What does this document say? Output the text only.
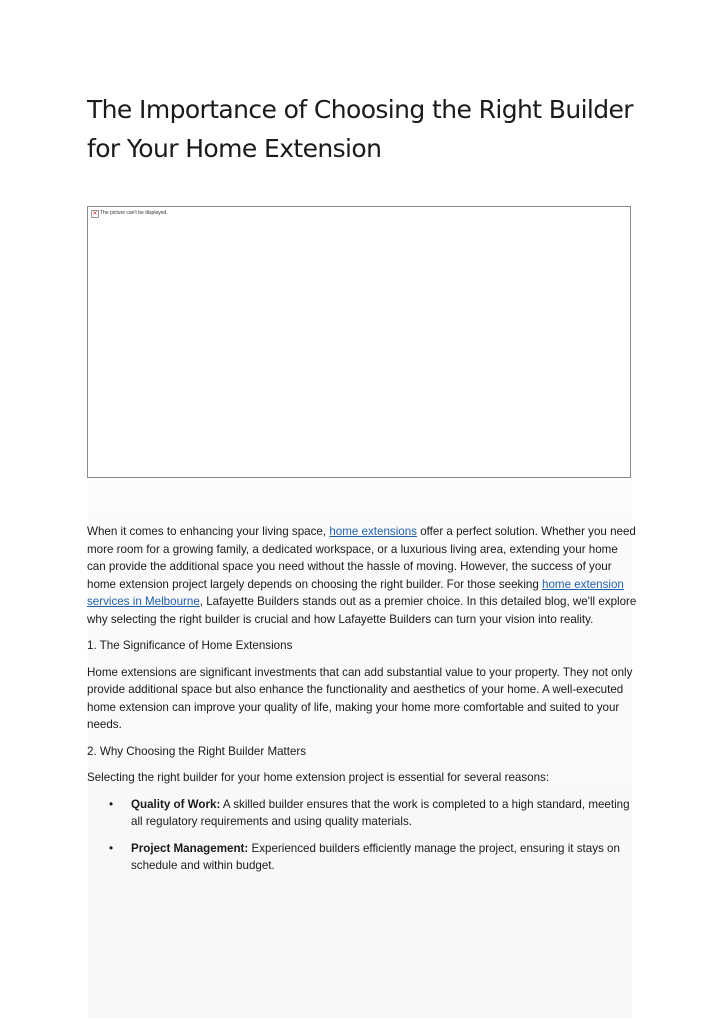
The Importance of Choosing the Right Builder for Your Home Extension
× The picture can't be displayed.

When it comes to enhancing your living space, home extensions offer a perfect solution. Whether you need more room for a growing family, a dedicated workspace, or a luxurious living area, extending your home can provide the additional space you need without the hassle of moving. However, the success of your home extension project largely depends on choosing the right builder. For those seeking home extension services in Melbourne, Lafayette Builders stands out as a premier choice. In this detailed blog, we'll explore why selecting the right builder is crucial and how Lafayette Builders can turn your vision into reality.

1. The Significance of Home Extensions

Home extensions are significant investments that can add substantial value to your property. They not only provide additional space but also enhance the functionality and aesthetics of your home. A well-executed home extension can improve your quality of life, making your home more comfortable and suited to your needs.

2. Why Choosing the Right Builder Matters

Selecting the right builder for your home extension project is essential for several reasons:

• Quality of Work: A skilled builder ensures that the work is completed to a high standard, meeting all regulatory requirements and using quality materials.
• Project Management: Experienced builders efficiently manage the project, ensuring it stays on schedule and within budget.
